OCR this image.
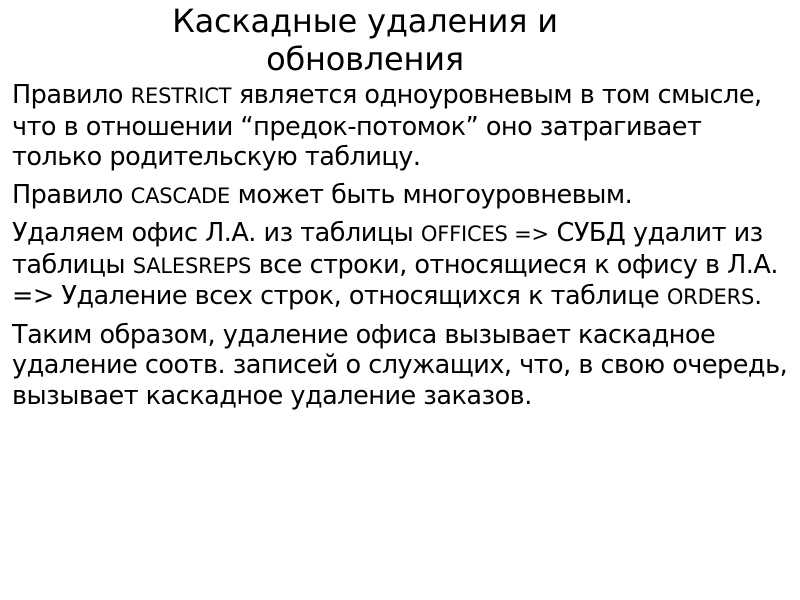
Каскадные удаления и обновления

Правило RESTRICT является одноуровневым в том смысле, что в отношении “предок-потомок” оно затрагивает только родительскую таблицу.

Правило CASCADE может быть многоуровневым.

Удаляем офис Л.А. из таблицы OFFICES => СУБД удалит из таблицы SALESREPS все строки, относящиеся к офису в Л.А. => Удаление всех строк, относящихся к таблице ORDERS.

Таким образом, удаление офиса вызывает каскадное удаление соотв. записей о служащих, что, в свою очередь, вызывает каскадное удаление заказов.
